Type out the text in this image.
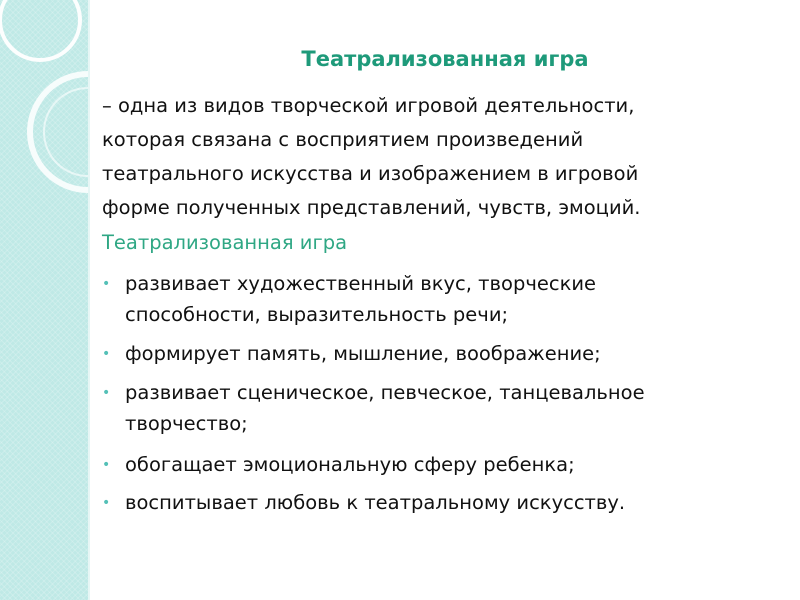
Театрализованная игра

– одна из видов творческой игровой деятельности,

которая связана с восприятием произведений

театрального искусства и изображением в игровой

форме полученных представлений, чувств, эмоций.

Театрализованная игра

• развивает художественный вкус, творческие
способности, выразительность речи;
• формирует память, мышление, воображение;
• развивает сценическое, певческое, танцевальное
творчество;
• обогащает эмоциональную сферу ребенка;
• воспитывает любовь к театральному искусству.
